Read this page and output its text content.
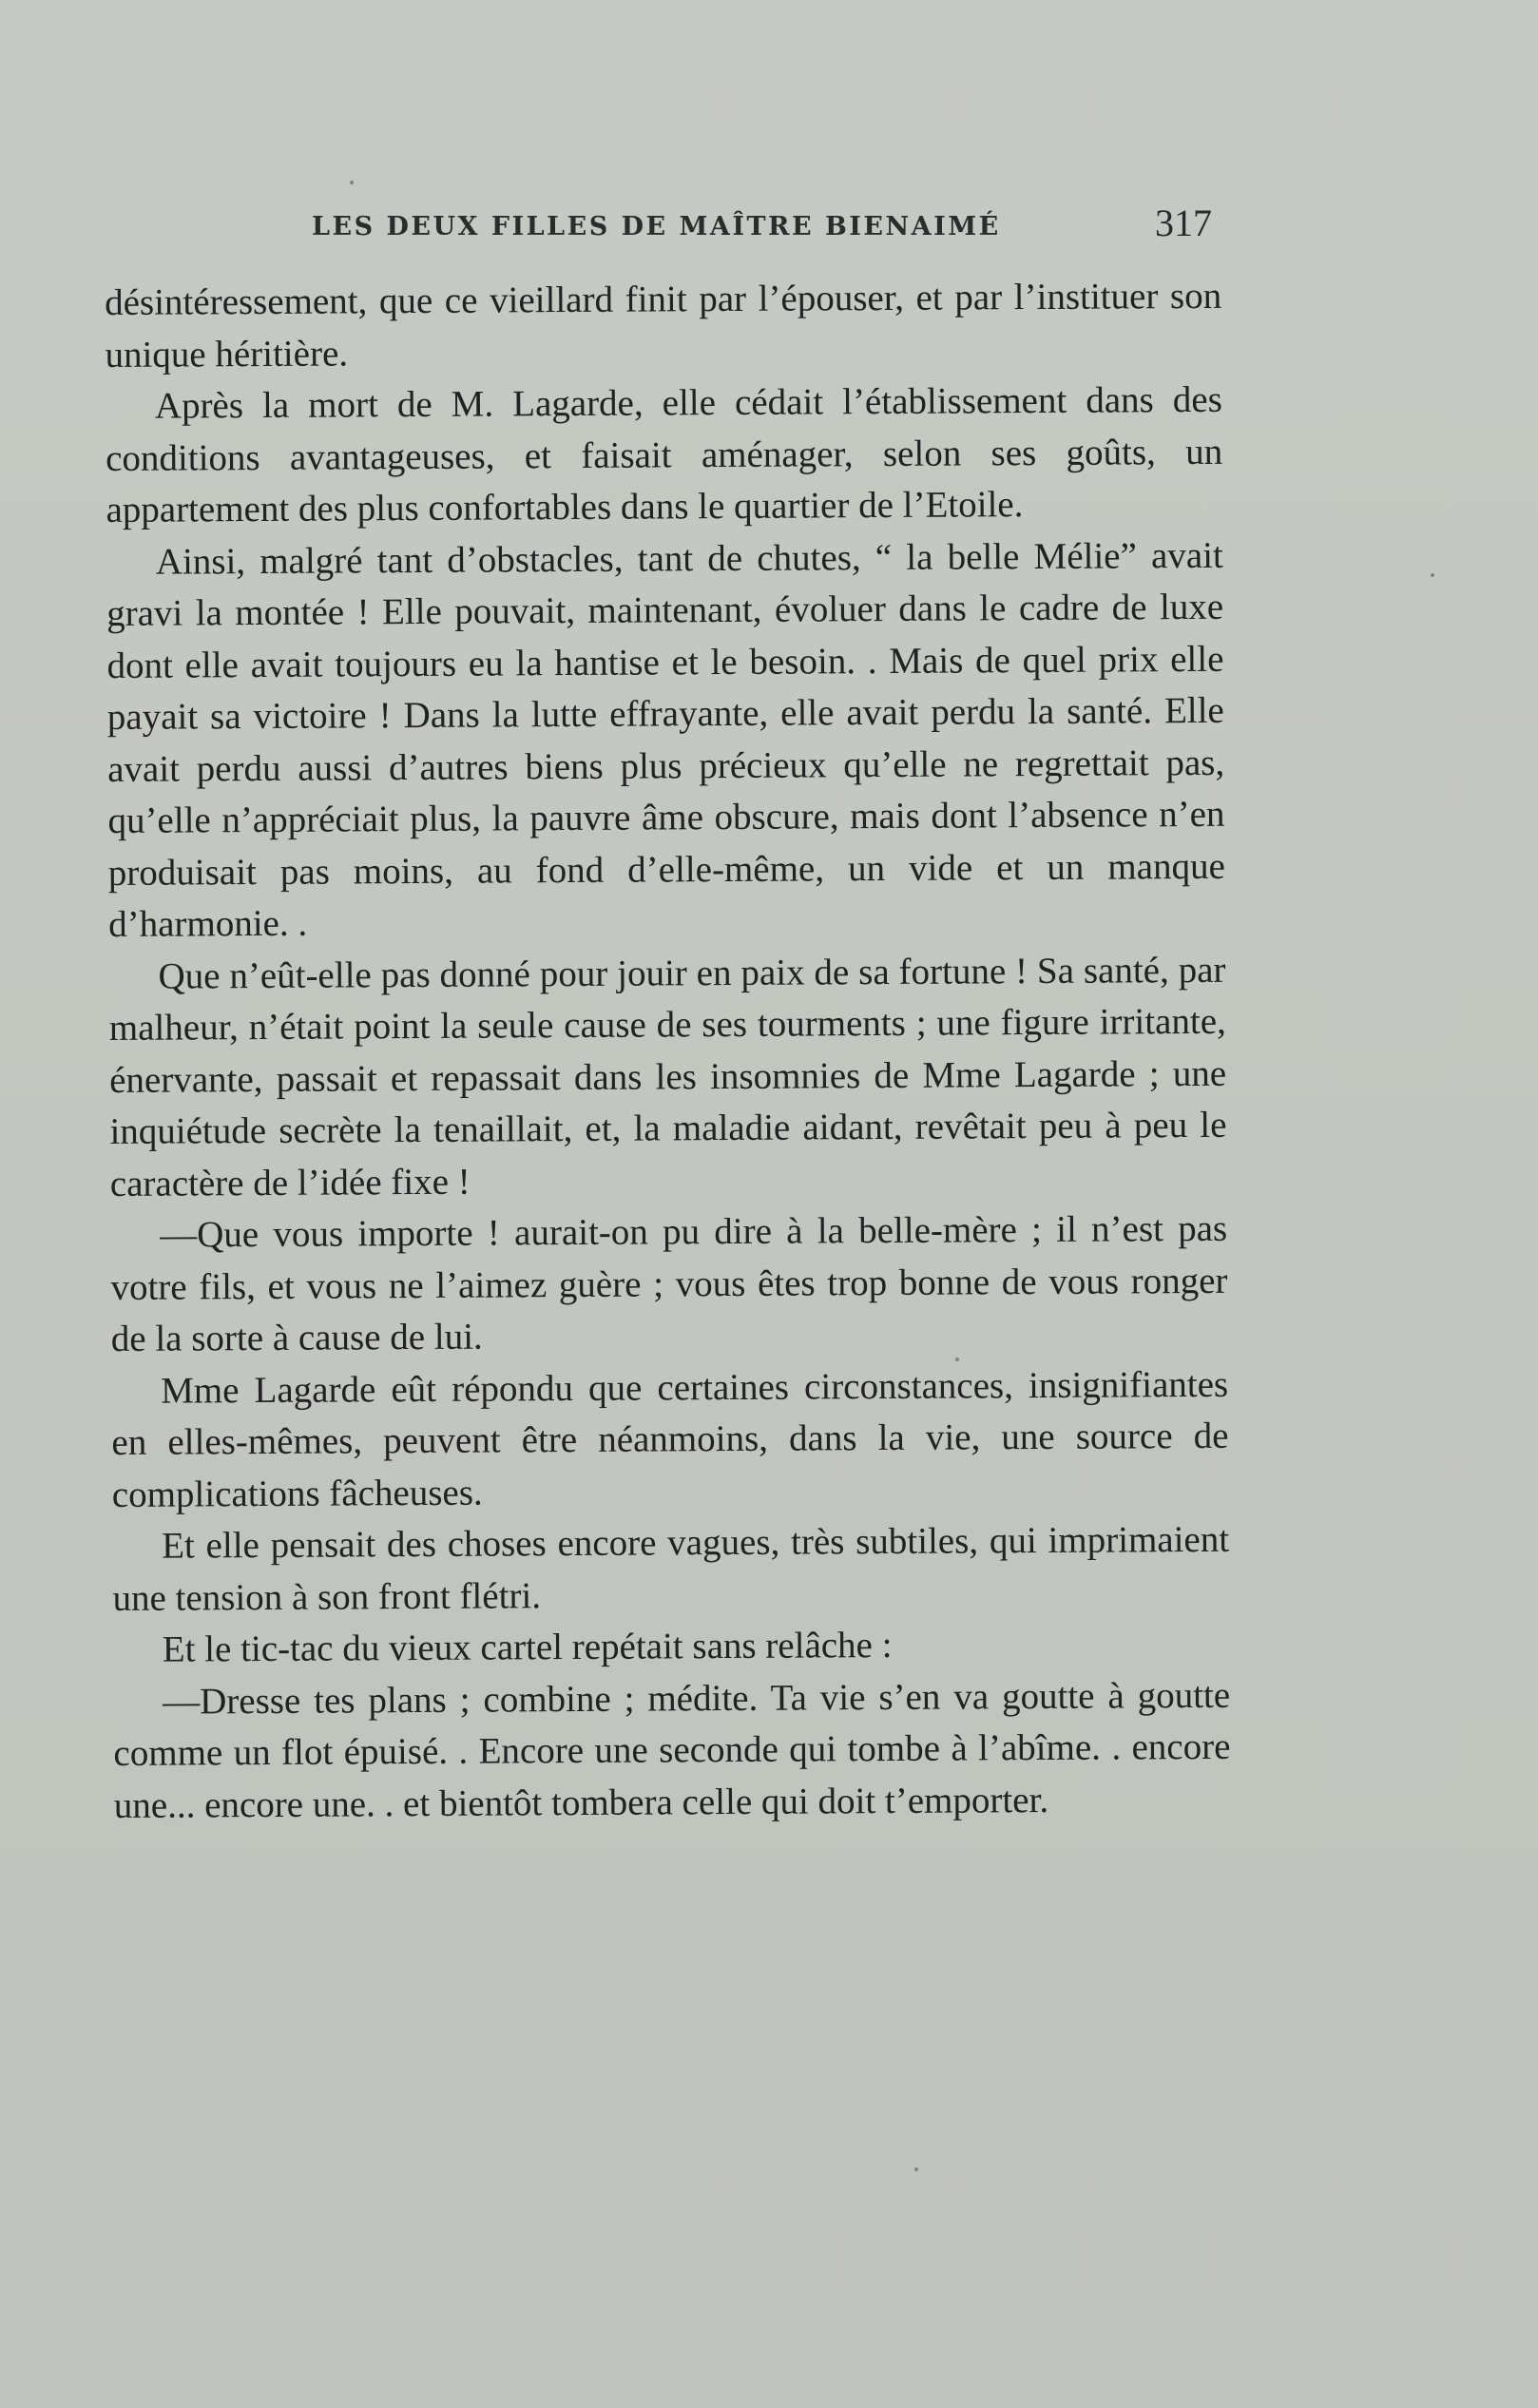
LES DEUX FILLES DE MAÎTRE BIENAIMÉ	317

désintéressement, que ce vieillard finit par l’épouser, et par l’instituer son unique héritière.

Après la mort de M. Lagarde, elle cédait l’établissement dans des conditions avantageuses, et faisait aménager, selon ses goûts, un appartement des plus confortables dans le quartier de l’Etoile.

Ainsi, malgré tant d’obstacles, tant de chutes, “ la belle Mélie” avait gravi la montée ! Elle pouvait, maintenant, évoluer dans le cadre de luxe dont elle avait toujours eu la hantise et le besoin. . Mais de quel prix elle payait sa victoire ! Dans la lutte effrayante, elle avait perdu la santé. Elle avait perdu aussi d’autres biens plus précieux qu’elle ne regrettait pas, qu’elle n’appréciait plus, la pauvre âme obscure, mais dont l’absence n’en produisait pas moins, au fond d’elle-même, un vide et un manque d’harmonie. .

Que n’eût-elle pas donné pour jouir en paix de sa fortune ! Sa santé, par malheur, n’était point la seule cause de ses tourments ; une figure irritante, énervante, passait et repassait dans les insomnies de Mme Lagarde ; une inquiétude secrète la tenaillait, et, la maladie aidant, revêtait peu à peu le caractère de l’idée fixe !

—Que vous importe ! aurait-on pu dire à la belle-mère ; il n’est pas votre fils, et vous ne l’aimez guère ; vous êtes trop bonne de vous ronger de la sorte à cause de lui.

Mme Lagarde eût répondu que certaines circonstances, insignifiantes en elles-mêmes, peuvent être néanmoins, dans la vie, une source de complications fâcheuses.

Et elle pensait des choses encore vagues, très subtiles, qui imprimaient une tension à son front flétri.

Et le tic-tac du vieux cartel repétait sans relâche :

—Dresse tes plans ; combine ; médite. Ta vie s’en va goutte à goutte comme un flot épuisé. . Encore une seconde qui tombe à l’abîme. . encore une... encore une. . et bientôt tombera celle qui doit t’emporter.
